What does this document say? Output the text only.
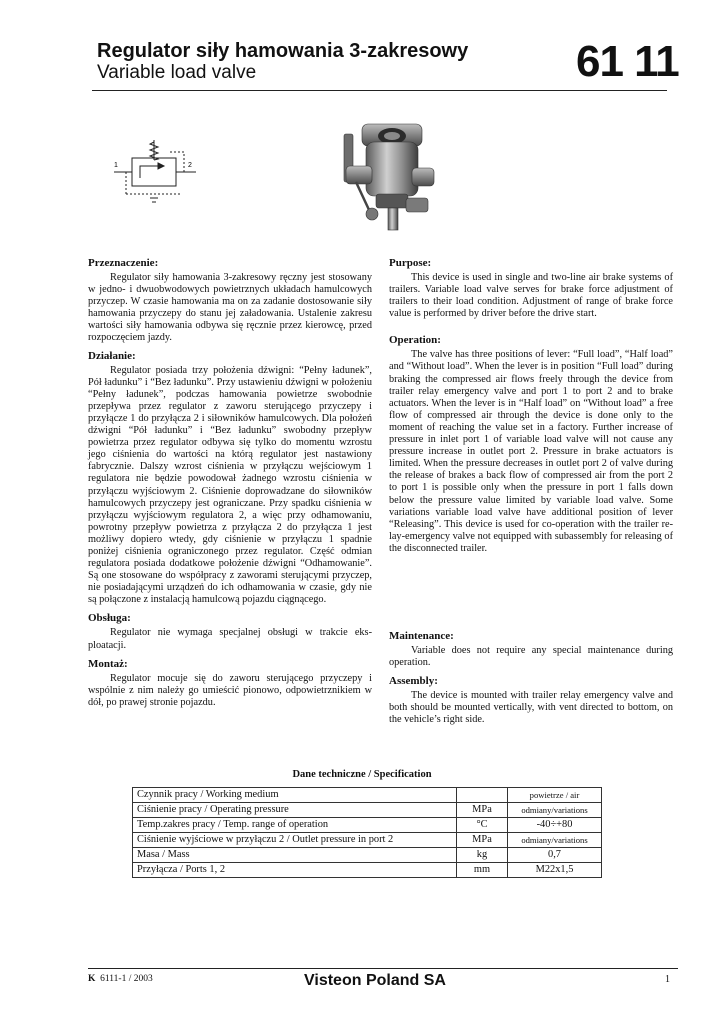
Regulator siły hamowania 3-zakresowy
Variable load valve	61 11
1	2
Przeznaczenie:

Regulator siły hamowania 3-zakresowy ręczny jest stosowany w jedno- i dwuobwodowych powietrznych układach hamulcowych przyczep. W czasie hamowania ma on za zadanie dostosowanie siły hamowania przyczepy do stanu jej załadowania. Ustalenie zakresu wartości siły hamowania odbywa się ręcznie przez kierowcę, przed rozpoczęciem jazdy.

Działanie:

Regulator posiada trzy położenia dźwigni: “Pełny ładunek”, Pół ładunku” i “Bez ładunku”. Przy ustawieniu dźwigni w położeniu “Pełny ładunek”, podczas hamowania powietrze swobodnie przepływa przez regulator z zaworu sterującego przyczepy i przyłącze 1 do przyłącza 2 i siłowników hamulcowych. Dla położeń dźwigni “Pół ładunku” i “Bez ładunku” swobodny przepływ powietrza przez regulator odbywa się tylko do momentu wzrostu jego ciśnienia do wartości na którą regulator jest nastawiony fabrycznie. Dalszy wzrost ciśnienia w przyłączu wejściowym 1 regulatora nie będzie powodował żadnego wzrostu ciśnienia w przyłączu wyjściowym 2. Ciśnienie doprowadzane do siłowników hamulcowych przyczepy jest ograniczane. Przy spadku ciśnienia w przyłączu wyjściowym regulatora 2, a więc przy odhamowaniu, powrotny przepływ powietrza z przyłącza 2 do przyłącza 1 jest możliwy dopiero wtedy, gdy ciśnienie w przyłączu 1 spadnie poniżej ciśnienia ograniczonego przez regulator. Część odmian regulatora posiada dodatkowe położenie dźwigni “Odhamowanie”. Są one stosowane do współpracy z zaworami sterującymi przyczep, nie posiadającymi urządzeń do ich odhamowania w czasie, gdy nie są połączone z instalacją hamulcową pojazdu ciągnącego.

Obsługa:

Regulator nie wymaga specjalnej obsługi w trakcie eksploatacji.

Montaż:

Regulator mocuje się do zaworu sterującego przyczepy i wspólnie z nim należy go umieścić pionowo, odpowietrznikiem w dół, po prawej stronie pojazdu.

Purpose:

This device is used in single and two-line air brake systems of trailers. Variable load valve serves for brake force adjustment of trailers to their load condition. Adjustment of range of brake force value is performed by driver before the drive start.

Operation:

The valve has three positions of lever: “Full load”, “Half load” and “Without load”. When the lever is in position “Full load” during braking the compressed air flows freely through the device from trailer relay emergency valve and port 1 to port 2 and to brake actuators. When the lever is in “Half load” on “Without load” a free flow of compressed air through the device is done only to the moment of reaching the value set in a factory. Further increase of pressure in inlet port 1 of variable load valve will not cause any pressure increase in outlet port 2. Pressure in brake actuators is limited. When the pressure decreases in outlet port 2 of valve during the release of brakes a back flow of compressed air from the port 2 to port 1 is possible only when the pressure in port 1 falls down below the pressure value limited by variable load valve. Some variations variable load valve have additional position of lever “Releasing”. This device is used for co-operation with the trailer relay-emergency valve not equipped with subassembly for releasing of the disconnected trailer.

Maintenance:

Variable does not require any special maintenance during operation.

Assembly:

The device is mounted with trailer relay emergency valve and both should be mounted vertically, with vent directed to bottom, on the vehicle’s right side.

Dane techniczne / Specification
Czynnik pracy / Working medium		powietrze / air
Ciśnienie pracy / Operating pressure	MPa	odmiany/variations
Temp.zakres pracy / Temp. range of operation	°C	-40÷+80
Ciśnienie wyjściowe w przyłączu 2 / Outlet pressure in port 2	MPa	odmiany/variations
Masa / Mass	kg	0,7
Przyłącza / Ports 1, 2	mm	M22x1,5
K 6111-1 / 2003	Visteon Poland SA	1
